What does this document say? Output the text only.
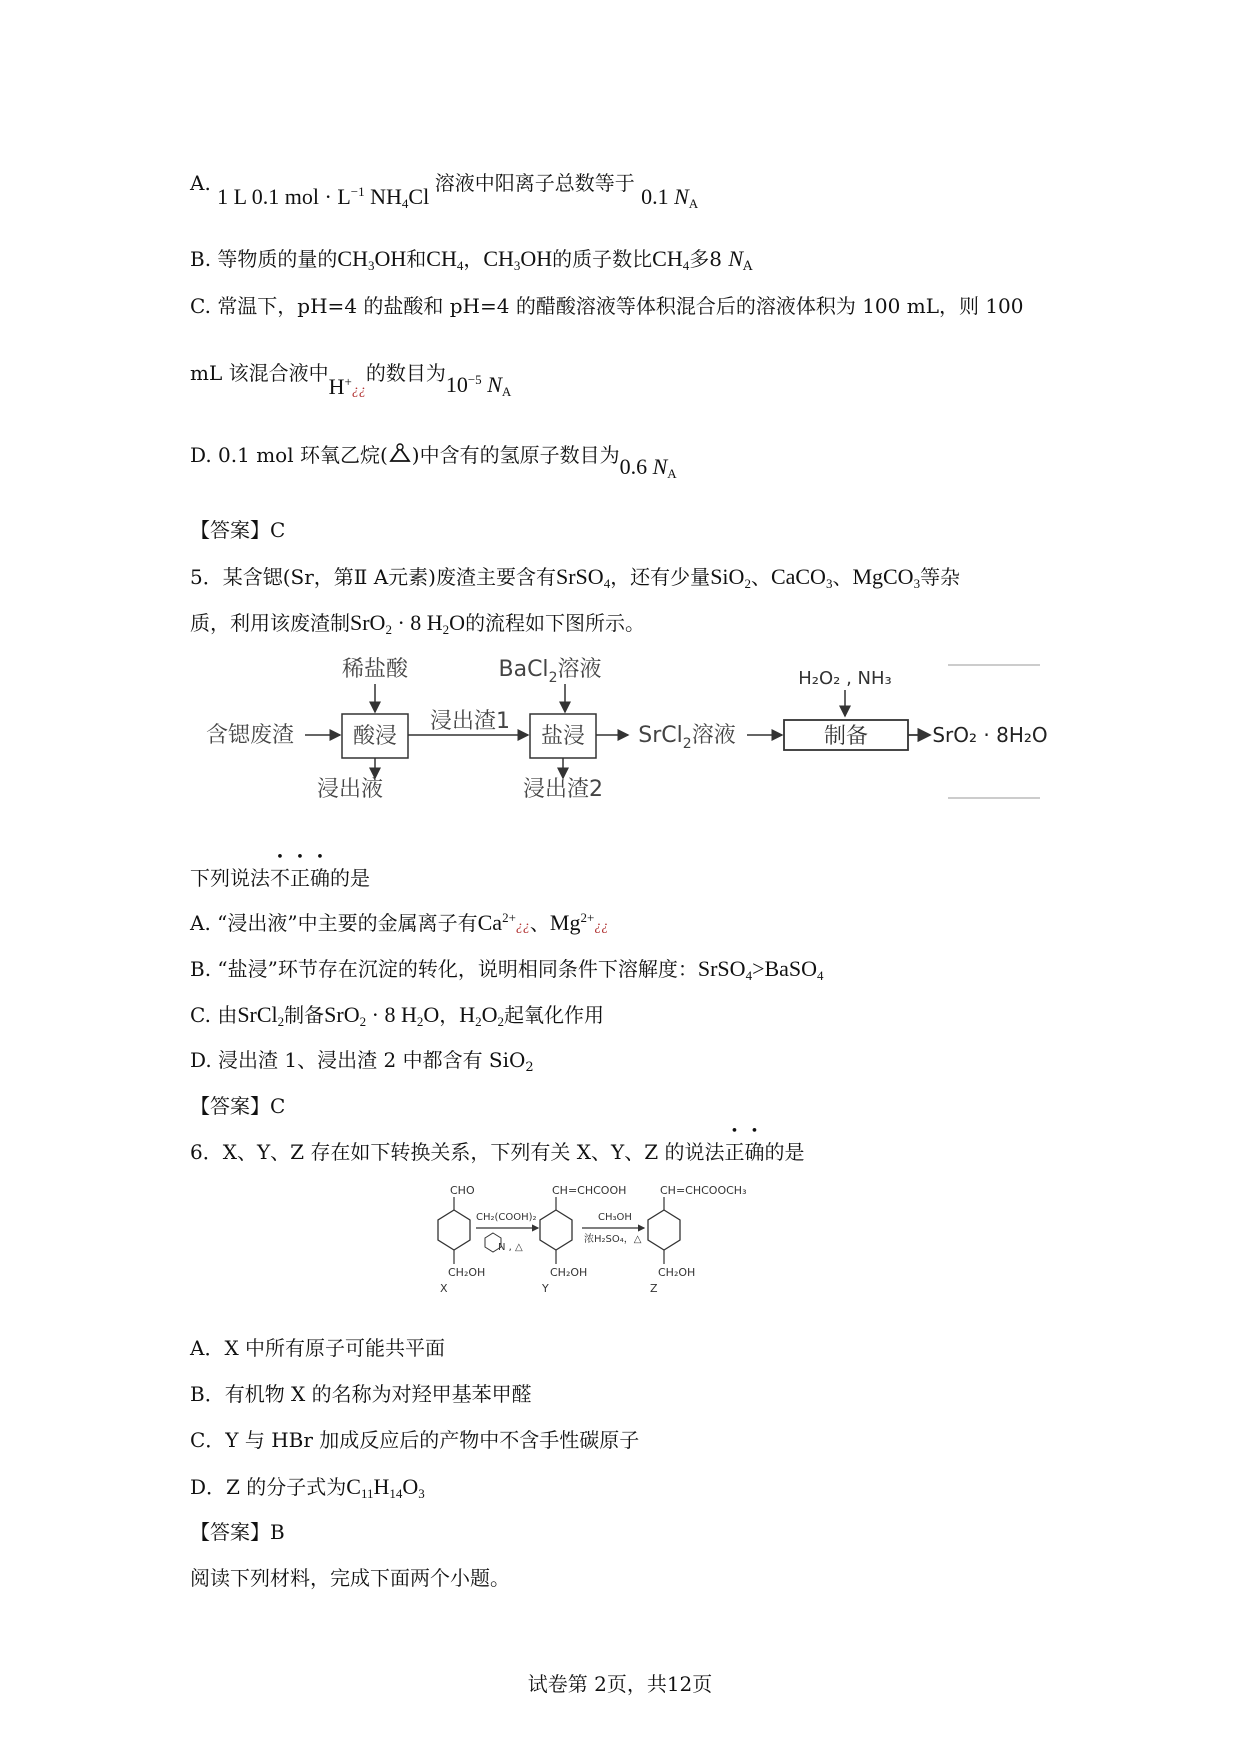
A. 1 L 0.1 mol · $L^{-1}$ $NH_4Cl$ 溶液中阳离子总数等于 0.1 $N_A$
B. 等物质的量的$CH_3OH$和$CH_4$，$CH_3OH$的质子数比$CH_4$多8 $N_A$
C. 常温下，pH=4 的盐酸和 pH=4 的醋酸溶液等体积混合后的溶液体积为 100 mL，则 100
mL 该混合液中H+¿¿的数目为$10^{-5}$ $N_A$
D. 0.1 mol 环氧乙烷( )中含有的氢原子数目为0.6 $N_A$
【答案】C
5．某含锶(Sr，第Ⅱ A元素)废渣主要含有SrSO$_4$，还有少量SiO$_2$、CaCO$_3$、MgCO$_3$等杂
质，利用该废渣制SrO$_2$ · 8 $H_2O$的流程如下图所示。
稀盐酸	BaCl$_2$溶液	H₂O₂ , NH₃
含锶废渣	酸浸
浸出渣1
盐浸 SrCl$_2$溶液	制备	SrO₂ · 8H₂O
浸出液	浸出渣2
下列说法不正确的是
A. “浸出液”中主要的金属离子有$Ca^{2+}¿¿$、$Mg^{2+}¿¿$
B. “盐浸”环节存在沉淀的转化，说明相同条件下溶解度：SrSO$_4$>BaSO$_4$
C. 由SrCl$_2$制备SrO$_2$ · 8 $H_2O$，$H_2O_2$起氧化作用
D. 浸出渣 1、浸出渣 2 中都含有 SiO$_2$
【答案】C
6．X、Y、Z 存在如下转换关系，下列有关 X、Y、Z 的说法正确的是
CHO
CH₂OH
X
CH₂(COOH)₂
N , △
CH=CHCOOH
CH₂OH
Y
CH₃OH
浓H₂SO₄，△
CH=CHCOOCH₃
CH₂OH
Z
A．X 中所有原子可能共平面
B．有机物 X 的名称为对羟甲基苯甲醛
C．Y 与 HBr 加成反应后的产物中不含手性碳原子
D．Z 的分子式为$C_{11}H_{14}O_3$
【答案】B
阅读下列材料，完成下面两个小题。
试卷第 2页，共12页
